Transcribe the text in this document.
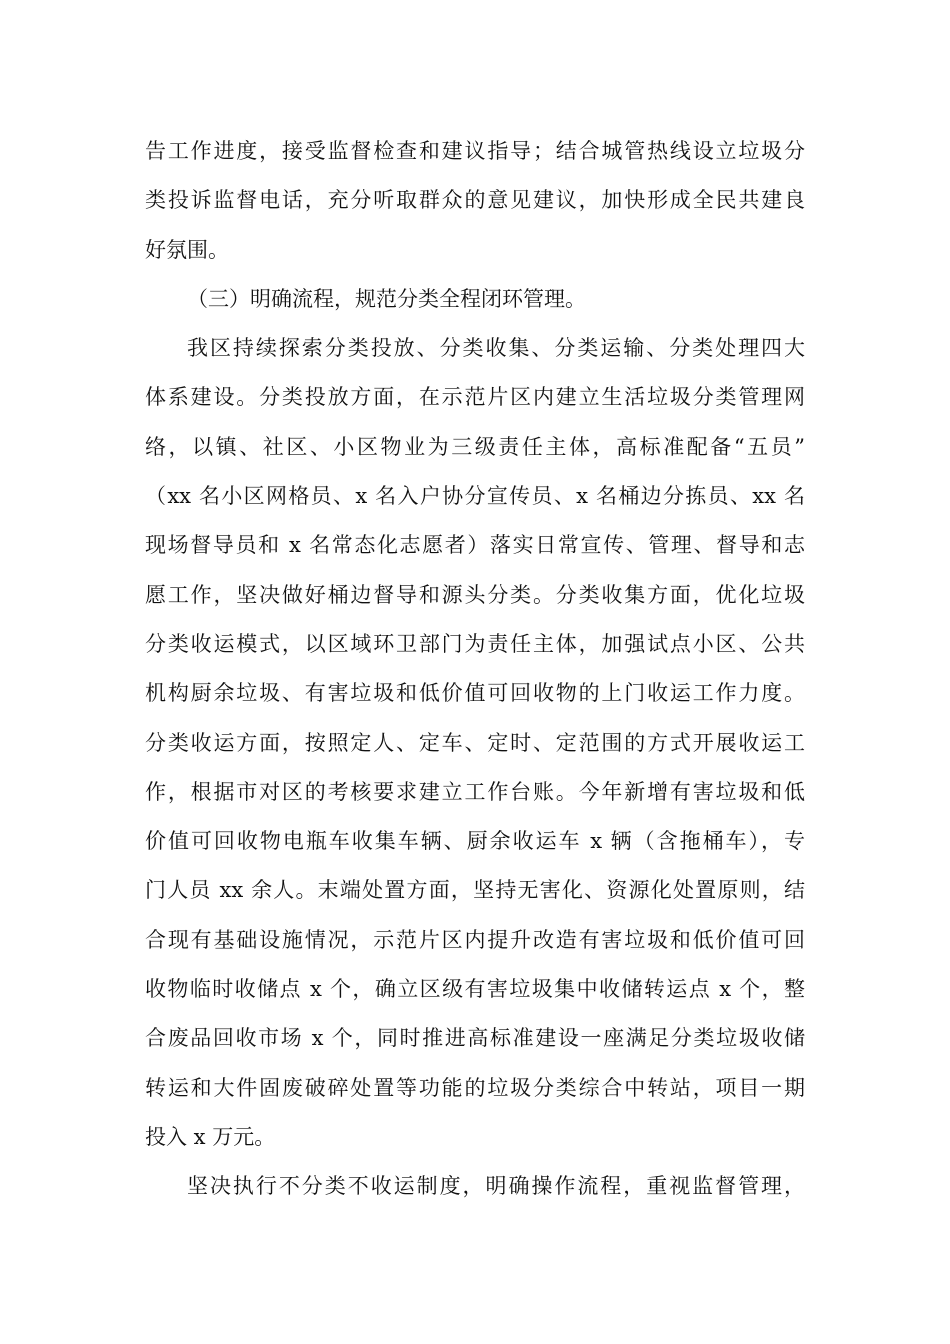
告工作进度，接受监督检查和建议指导；结合城管热线设立垃圾分
类投诉监督电话，充分听取群众的意见建议，加快形成全民共建良
好氛围。
（三）明确流程，规范分类全程闭环管理。
我区持续探索分类投放、分类收集、分类运输、分类处理四大
体系建设。分类投放方面，在示范片区内建立生活垃圾分类管理网
络，以镇、社区、小区物业为三级责任主体，高标准配备“五员”
（xx 名小区网格员、x 名入户协分宣传员、x 名桶边分拣员、xx 名
现场督导员和 x 名常态化志愿者）落实日常宣传、管理、督导和志
愿工作，坚决做好桶边督导和源头分类。分类收集方面，优化垃圾
分类收运模式，以区域环卫部门为责任主体，加强试点小区、公共
机构厨余垃圾、有害垃圾和低价值可回收物的上门收运工作力度。
分类收运方面，按照定人、定车、定时、定范围的方式开展收运工
作，根据市对区的考核要求建立工作台账。今年新增有害垃圾和低
价值可回收物电瓶车收集车辆、厨余收运车 x 辆（含拖桶车），专
门人员 xx 余人。末端处置方面，坚持无害化、资源化处置原则，结
合现有基础设施情况，示范片区内提升改造有害垃圾和低价值可回
收物临时收储点 x 个，确立区级有害垃圾集中收储转运点 x 个，整
合废品回收市场 x 个，同时推进高标准建设一座满足分类垃圾收储
转运和大件固废破碎处置等功能的垃圾分类综合中转站，项目一期
投入 x 万元。
坚决执行不分类不收运制度，明确操作流程，重视监督管理，
